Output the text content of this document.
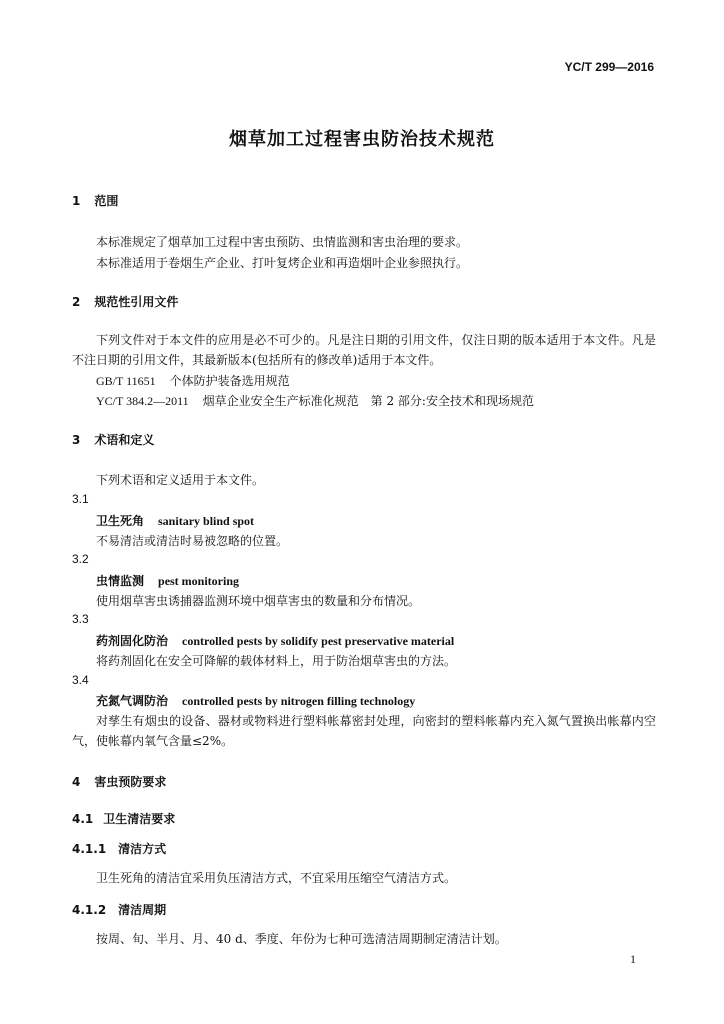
YC/T 299—2016
烟草加工过程害虫防治技术规范
1 范围
本标准规定了烟草加工过程中害虫预防、虫情监测和害虫治理的要求。
本标准适用于卷烟生产企业、打叶复烤企业和再造烟叶企业参照执行。
2 规范性引用文件
下列文件对于本文件的应用是必不可少的。凡是注日期的引用文件，仅注日期的版本适用于本文件。凡是不注日期的引用文件，其最新版本(包括所有的修改单)适用于本文件。
GB/T 11651 个体防护装备选用规范
YC/T 384.2—2011 烟草企业安全生产标准化规范　第 2 部分:安全技术和现场规范
3 术语和定义
下列术语和定义适用于本文件。
3.1
卫生死角 sanitary blind spot
不易清洁或清洁时易被忽略的位置。
3.2
虫情监测 pest monitoring
使用烟草害虫诱捕器监测环境中烟草害虫的数量和分布情况。
3.3
药剂固化防治 controlled pests by solidify pest preservative material
将药剂固化在安全可降解的载体材料上，用于防治烟草害虫的方法。
3.4
充氮气调防治 controlled pests by nitrogen filling technology
对孳生有烟虫的设备、器材或物料进行塑料帐幕密封处理，向密封的塑料帐幕内充入氮气置换出帐幕内空气，使帐幕内氧气含量≤2%。
4 害虫预防要求
4.1 卫生清洁要求
4.1.1 清洁方式
卫生死角的清洁宜采用负压清洁方式，不宜采用压缩空气清洁方式。
4.1.2 清洁周期
按周、旬、半月、月、40 d、季度、年份为七种可选清洁周期制定清洁计划。
1
